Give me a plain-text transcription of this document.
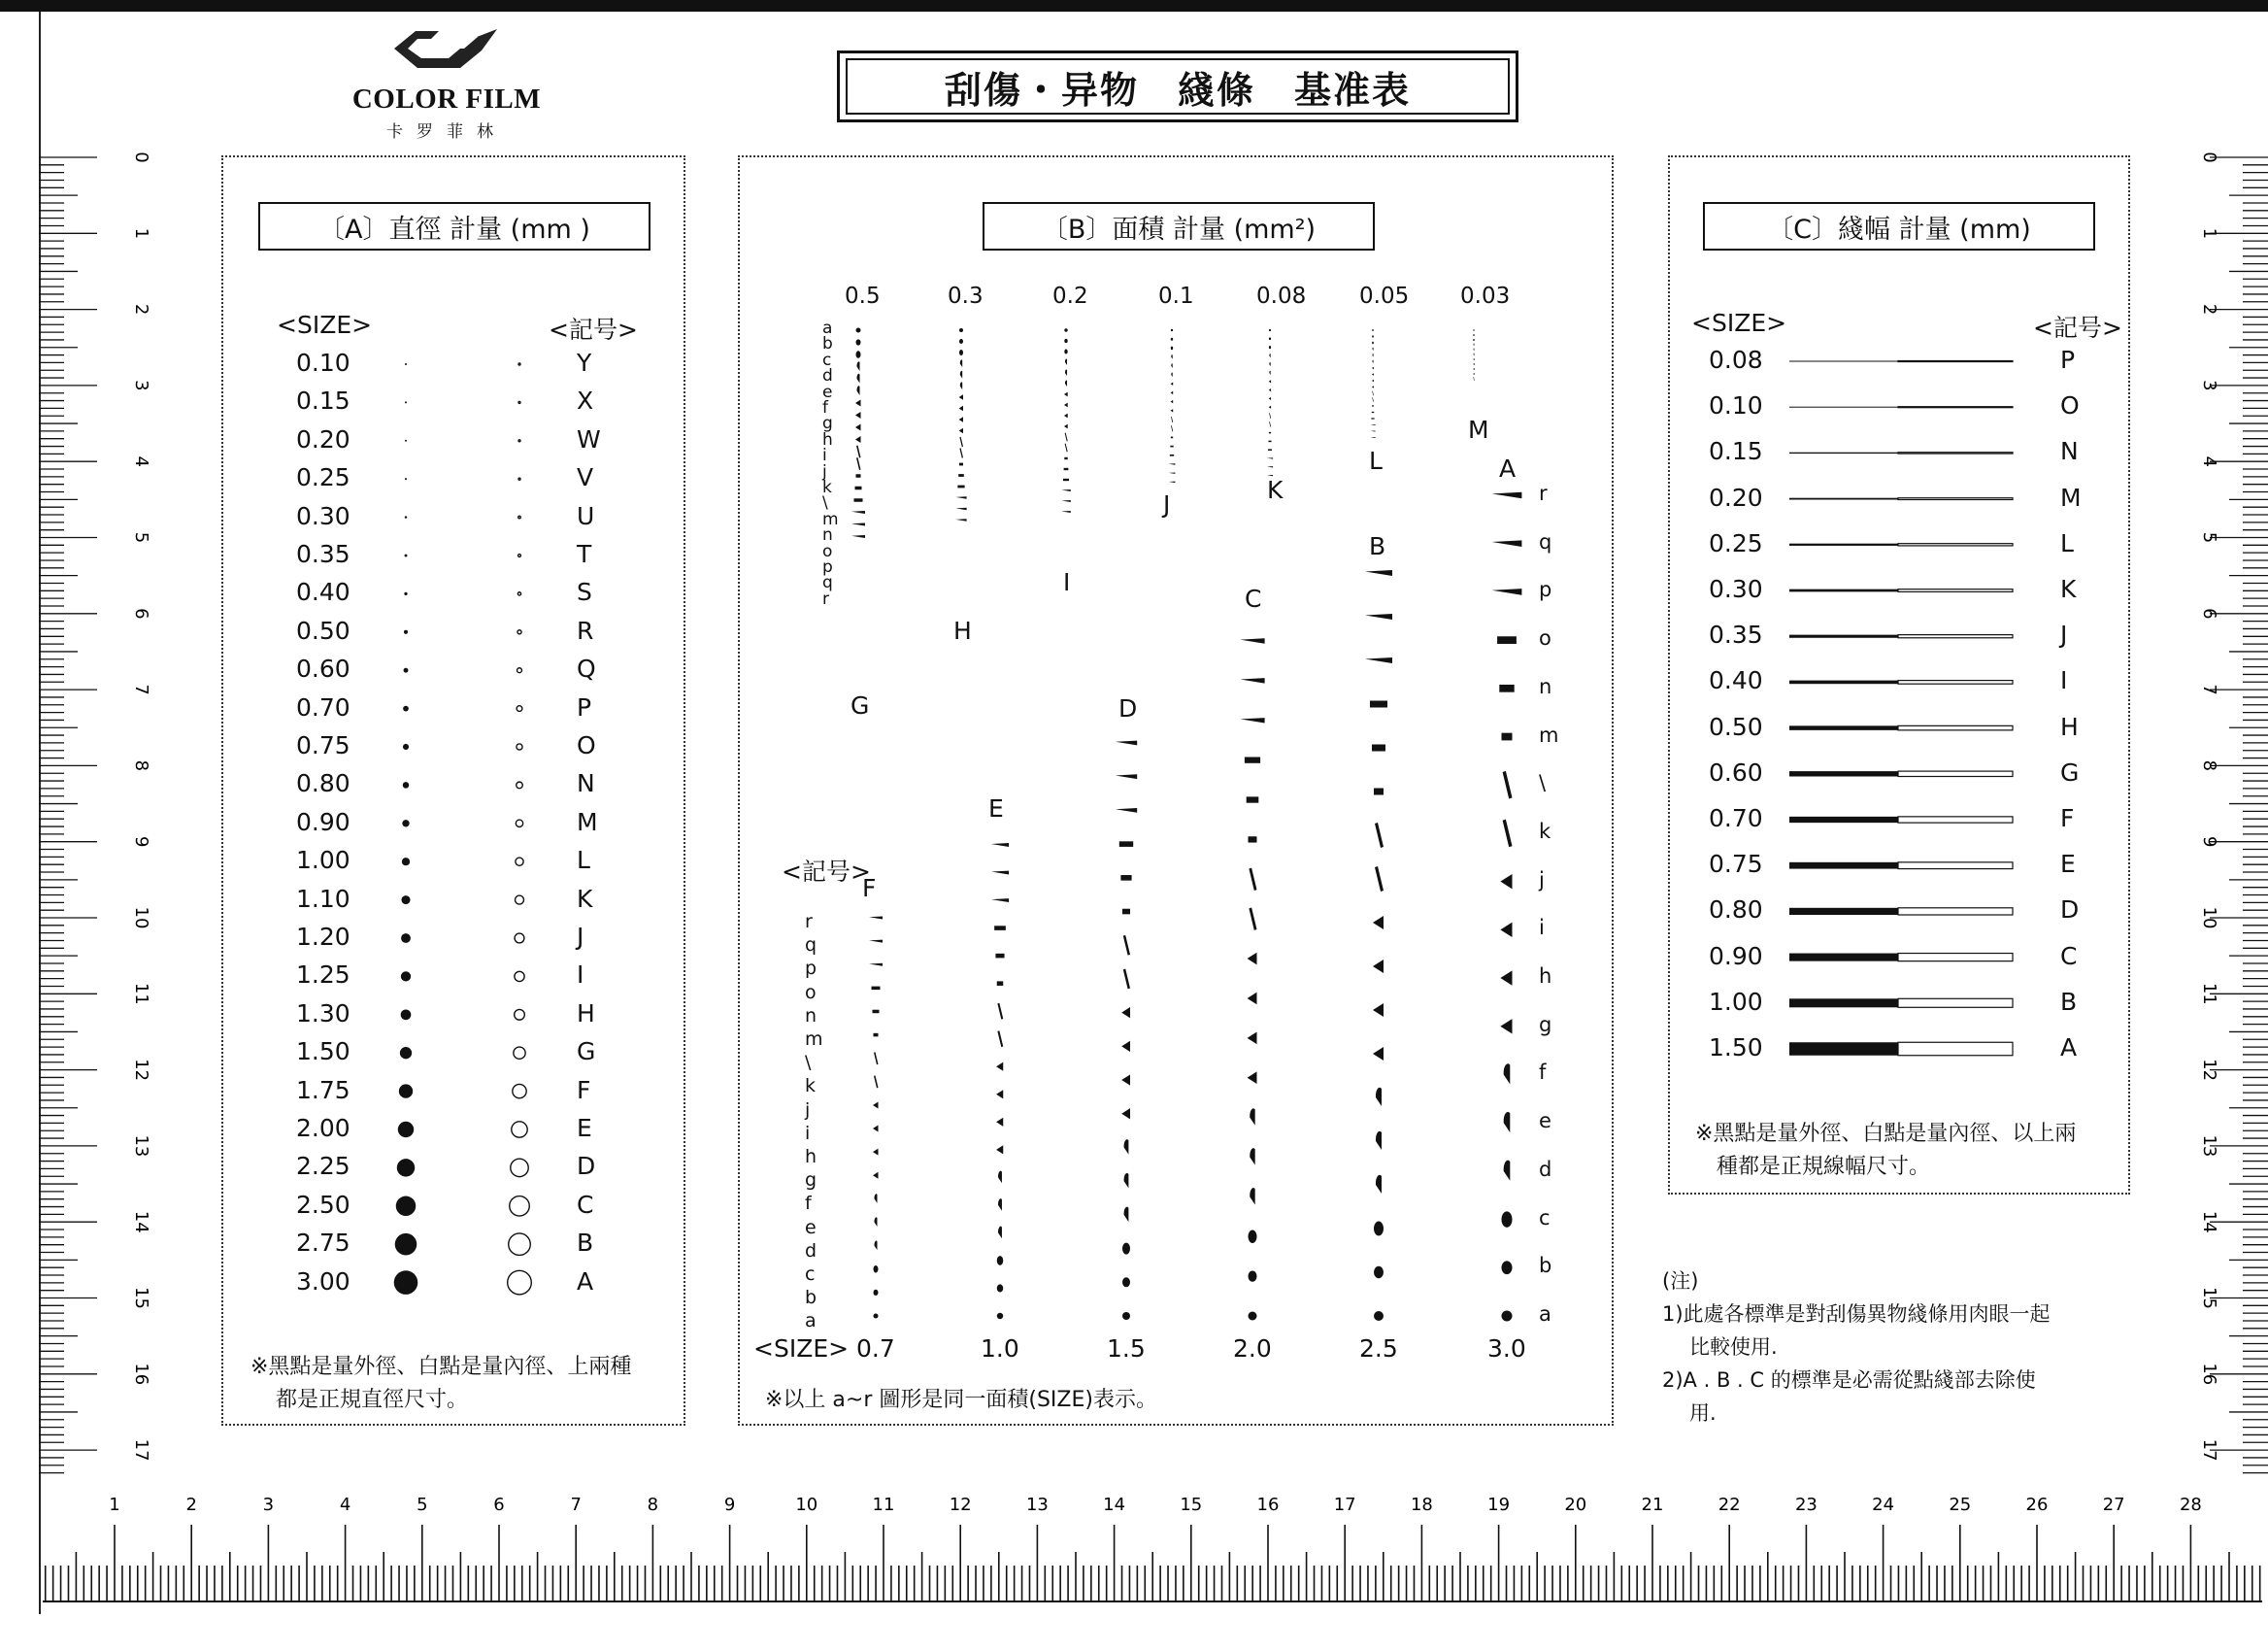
COLOR FILM
卡罗菲林
刮傷・异物　綫條　基准表
〔A〕直徑 計量 (mm )	〔B〕面積 計量 (mm²)	〔C〕綫幅 計量 (mm)
<SIZE>	<記号>
※黑點是量外徑、白點是量內徑、上兩種
都是正規直徑尺寸。
0.10	Y
0.15	X
0.20	W
0.25	V
0.30	U
0.35	T
0.40	S
0.50	R
0.60	Q
0.70	P
0.75	O
0.80	N
0.90	M
1.00	L
1.10	K
1.20	J
1.25	I
1.30	H
1.50	G
1.75	F
2.00	E
2.25	D
2.50	C
2.75	B
3.00	A
<記号>
<SIZE>
※以上 a~r 圖形是同一面積(SIZE)表示。
a
b
c
d
e
f
g
h
i
j
k
\
m
n
o
p
q
r
r
q
p
o
n
m
\
k
j
i
h
g
f
e
d
c
b
a
0.5
G
0.3
H
0.2
I
0.1
J
0.08
K
0.05
L
0.03
M
0.7
F
1.0
E
1.5
D
2.0
C
2.5
B
3.0
A
a
b
c
d
e
f
g
h
i
j
k
\
m
n
o
p
q
r
<SIZE>	<記号>
※黑點是量外徑、白點是量內徑、以上兩
種都是正規線幅尺寸。
0.08	P
0.10	O
0.15	N
0.20	M
0.25	L
0.30	K
0.35	J
0.40	I
0.50	H
0.60	G
0.70	F
0.75	E
0.80	D
0.90	C
1.00	B
1.50	A
(注)
1)此處各標準是對刮傷異物綫條用肉眼一起
比較使用.
2)A . B . C 的標準是必需從點綫部去除使
用.
1	2	3	4	5	6	7	8	9	10	11	12	13	14	15	16	17	18	19	20	21	22	23	24	25	26	27	28
0
1
2
3
4
5
6
7
8
9
10
11
12
13
14
15
16
17
0
1
2
3
4
5
6
7
8
9
10
11
12
13
14
15
16
17
